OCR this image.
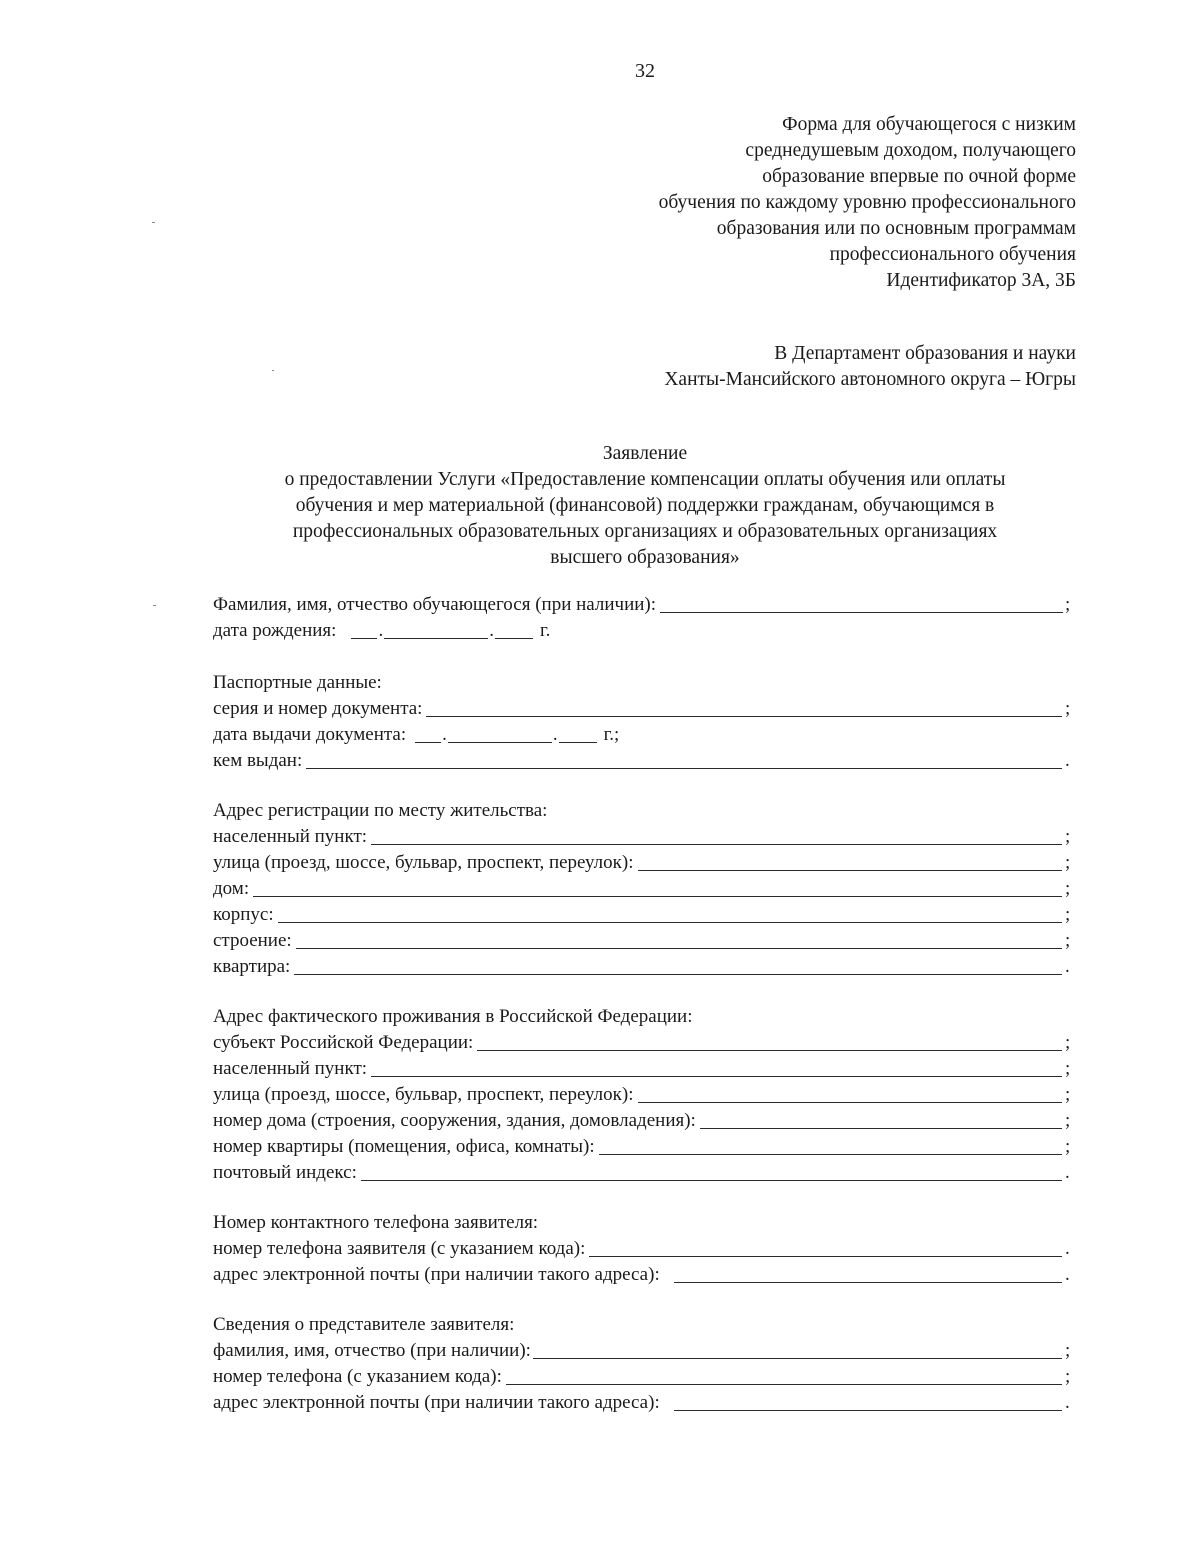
32
Форма для обучающегося с низким
среднедушевым доходом, получающего
образование впервые по очной форме
обучения по каждому уровню профессионального
образования или по основным программам
профессионального обучения
Идентификатор 3А, 3Б
В Департамент образования и науки
Ханты-Мансийского автономного округа – Югры
Заявление
о предоставлении Услуги «Предоставление компенсации оплаты обучения или оплаты
обучения и мер материальной (финансовой) поддержки гражданам, обучающимся в
профессиональных образовательных организациях и образовательных организациях
высшего образования»
Фамилия, имя, отчество обучающегося (при наличии):	;
дата рождения: .	. г.
Паспортные данные:
серия и номер документа:	;
дата выдачи документа: .	. г.;
кем выдан:	.
Адрес регистрации по месту жительства:
населенный пункт:	;
улица (проезд, шоссе, бульвар, проспект, переулок):	;
дом:	;
корпус:	;
строение:	;
квартира:	.
Адрес фактического проживания в Российской Федерации:
субъект Российской Федерации:	;
населенный пункт:	;
улица (проезд, шоссе, бульвар, проспект, переулок):	;
номер дома (строения, сооружения, здания, домовладения):	;
номер квартиры (помещения, офиса, комнаты):	;
почтовый индекс:	.
Номер контактного телефона заявителя:
номер телефона заявителя (с указанием кода):	.
адрес электронной почты (при наличии такого адреса):	.
Сведения о представителе заявителя:
фамилия, имя, отчество (при наличии):	;
номер телефона (с указанием кода):	;
адрес электронной почты (при наличии такого адреса):	.
